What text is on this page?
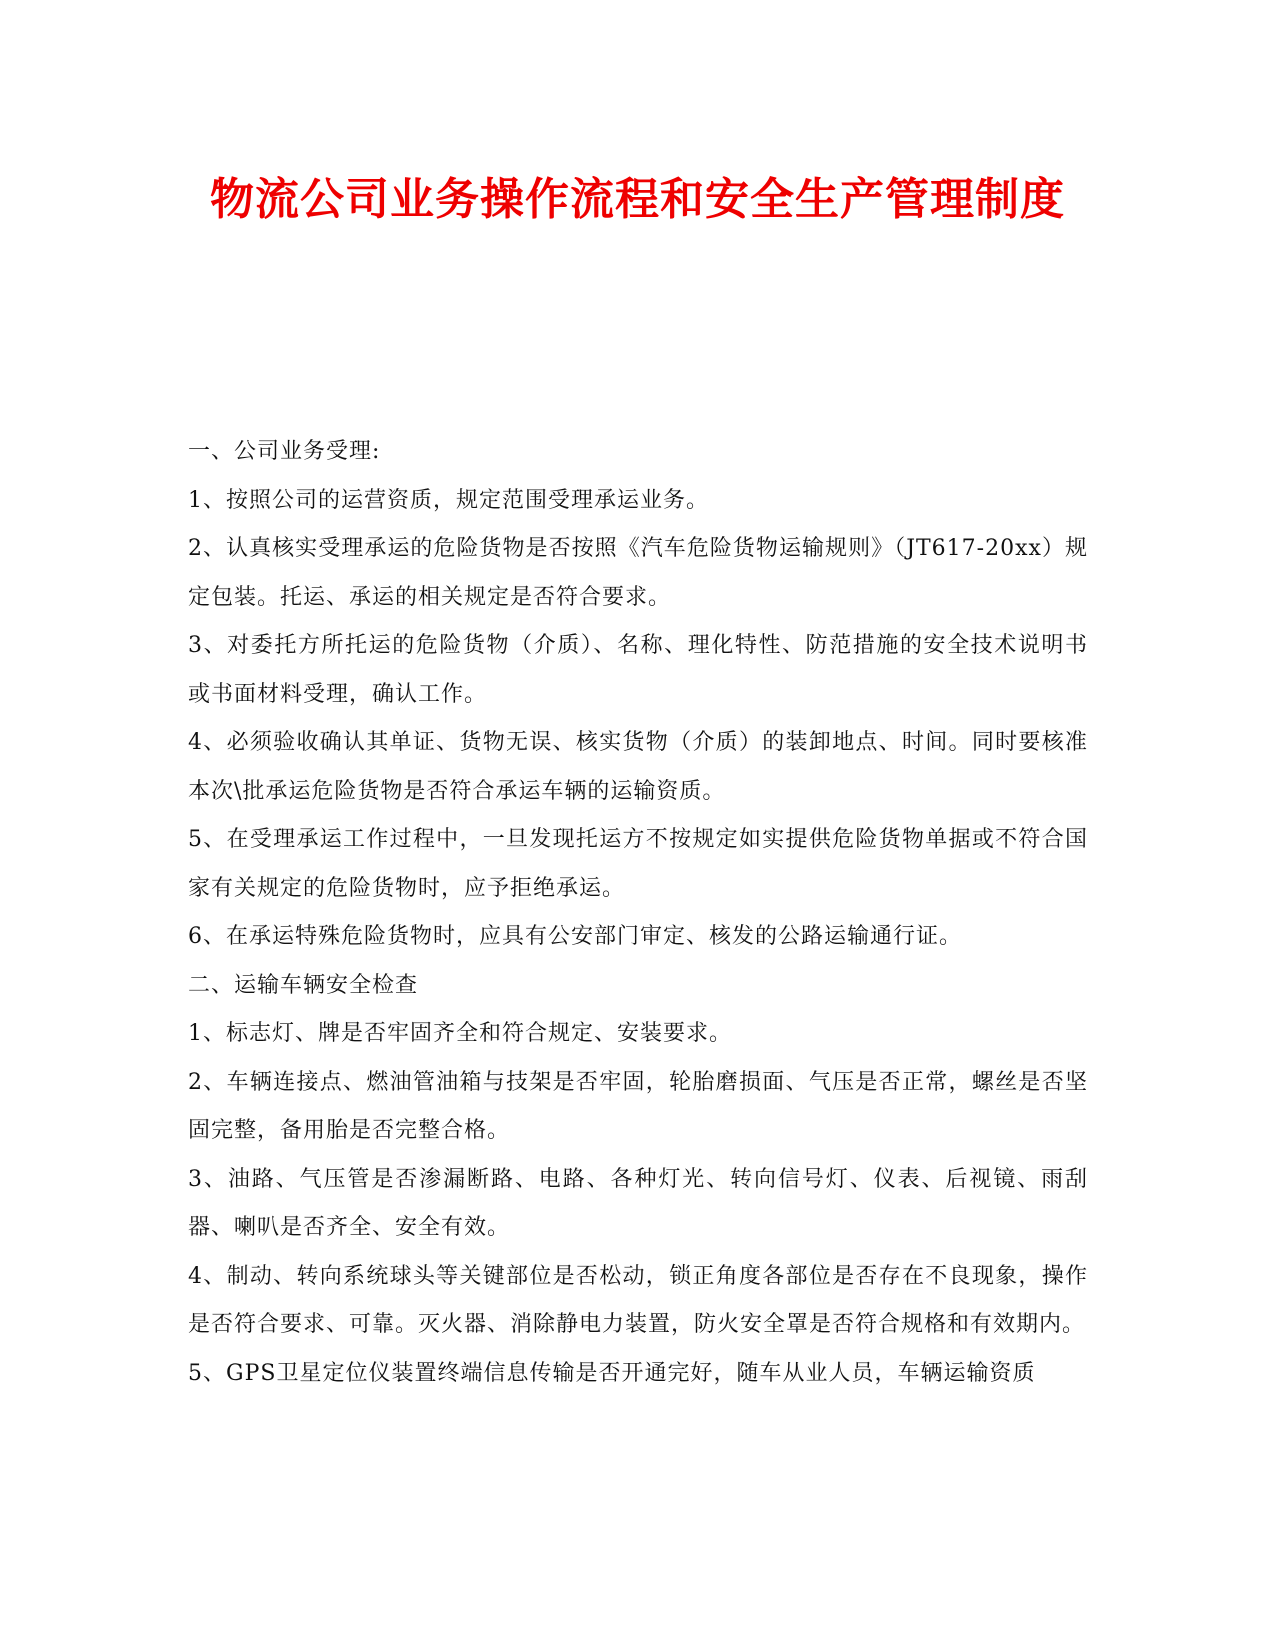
物流公司业务操作流程和安全生产管理制度

一、公司业务受理:

1、按照公司的运营资质，规定范围受理承运业务。

2、认真核实受理承运的危险货物是否按照《汽车危险货物运输规则》（JT617-20xx）规定包装。托运、承运的相关规定是否符合要求。

3、对委托方所托运的危险货物（介质）、名称、理化特性、防范措施的安全技术说明书或书面材料受理，确认工作。

4、必须验收确认其单证、货物无误、核实货物（介质）的装卸地点、时间。同时要核准本次\批承运危险货物是否符合承运车辆的运输资质。

5、在受理承运工作过程中，一旦发现托运方不按规定如实提供危险货物单据或不符合国家有关规定的危险货物时，应予拒绝承运。

6、在承运特殊危险货物时，应具有公安部门审定、核发的公路运输通行证。

二、运输车辆安全检查

1、标志灯、牌是否牢固齐全和符合规定、安装要求。

2、车辆连接点、燃油管油箱与技架是否牢固，轮胎磨损面、气压是否正常，螺丝是否坚固完整，备用胎是否完整合格。

3、油路、气压管是否渗漏断路、电路、各种灯光、转向信号灯、仪表、后视镜、雨刮器、喇叭是否齐全、安全有效。

4、制动、转向系统球头等关键部位是否松动，锁正角度各部位是否存在不良现象，操作是否符合要求、可靠。灭火器、消除静电力装置，防火安全罩是否符合规格和有效期内。

5、GPS卫星定位仪装置终端信息传输是否开通完好，随车从业人员，车辆运输资质
